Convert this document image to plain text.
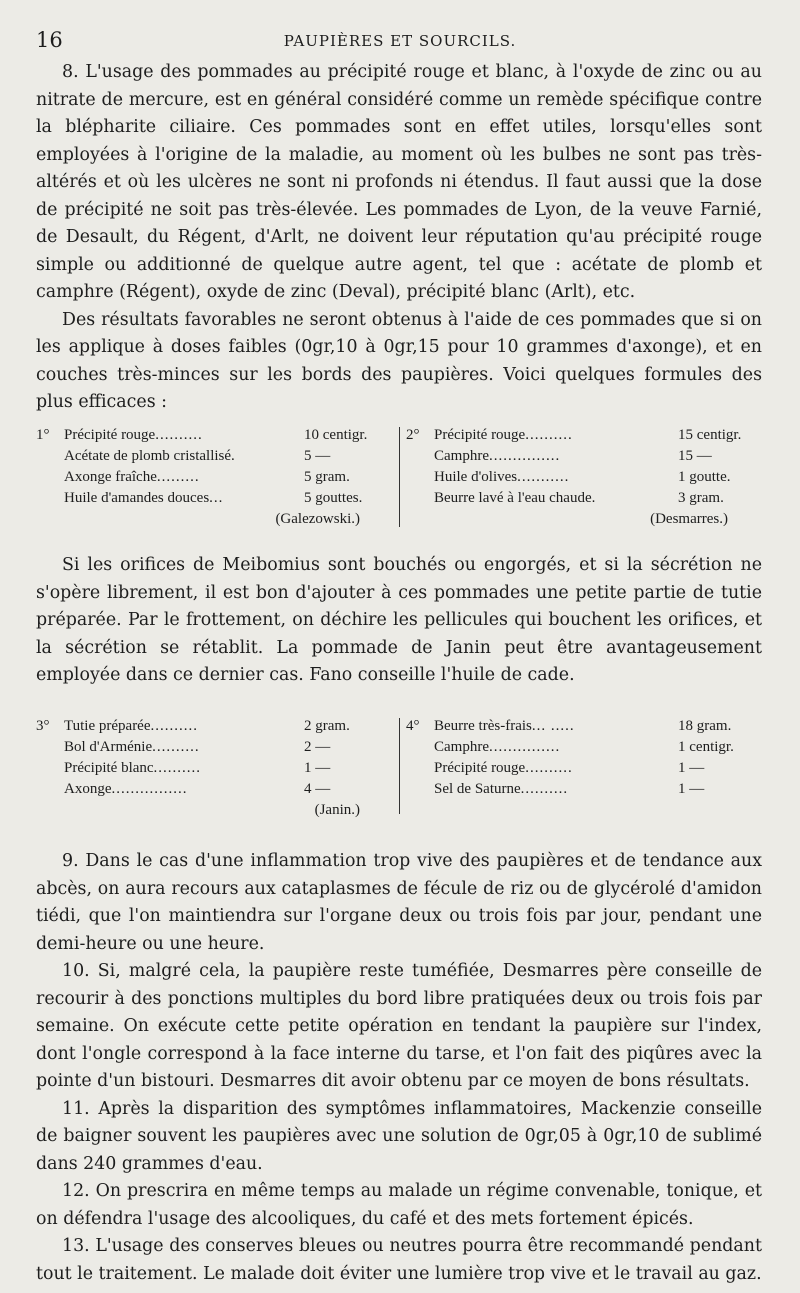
16	PAUPIÈRES ET SOURCILS.

8. L'usage des pommades au précipité rouge et blanc, à l'oxyde de zinc ou au nitrate de mercure, est en général considéré comme un remède spécifique contre la blépharite ciliaire. Ces pommades sont en effet utiles, lorsqu'elles sont employées à l'origine de la maladie, au moment où les bulbes ne sont pas très-altérés et où les ulcères ne sont ni profonds ni étendus. Il faut aussi que la dose de précipité ne soit pas très-élevée. Les pommades de Lyon, de la veuve Farnié, de Desault, du Régent, d'Arlt, ne doivent leur réputation qu'au précipité rouge simple ou additionné de quelque autre agent, tel que : acétate de plomb et camphre (Régent), oxyde de zinc (Deval), précipité blanc (Arlt), etc.

Des résultats favorables ne seront obtenus à l'aide de ces pommades que si on les applique à doses faibles (0gr,10 à 0gr,15 pour 10 grammes d'axonge), et en couches très-minces sur les bords des paupières. Voici quelques formules des plus efficaces :

1° Précipité rouge..........	10 centigr.
Acétate de plomb cristallisé.	5 —
Axonge fraîche.........	5 gram.
Huile d'amandes douces...	5 gouttes.
(Galezowski.)
2° Précipité rouge..........	15 centigr.
Camphre...............	15 —
Huile d'olives...........	1 goutte.
Beurre lavé à l'eau chaude.	3 gram.
(Desmarres.)

Si les orifices de Meibomius sont bouchés ou engorgés, et si la sécrétion ne s'opère librement, il est bon d'ajouter à ces pommades une petite partie de tutie préparée. Par le frottement, on déchire les pellicules qui bouchent les orifices, et la sécrétion se rétablit. La pommade de Janin peut être avantageusement employée dans ce dernier cas. Fano conseille l'huile de cade.

3° Tutie préparée..........	2 gram.
Bol d'Arménie..........	2 —
Précipité blanc..........	1 —
Axonge................	4 —
(Janin.)
4° Beurre très-frais... .....	18 gram.
Camphre...............	1 centigr.
Précipité rouge..........	1 —
Sel de Saturne..........	1 —

9. Dans le cas d'une inflammation trop vive des paupières et de tendance aux abcès, on aura recours aux cataplasmes de fécule de riz ou de glycérolé d'amidon tiédi, que l'on maintiendra sur l'organe deux ou trois fois par jour, pendant une demi-heure ou une heure.

10. Si, malgré cela, la paupière reste tuméfiée, Desmarres père conseille de recourir à des ponctions multiples du bord libre pratiquées deux ou trois fois par semaine. On exécute cette petite opération en tendant la paupière sur l'index, dont l'ongle correspond à la face interne du tarse, et l'on fait des piqûres avec la pointe d'un bistouri. Desmarres dit avoir obtenu par ce moyen de bons résultats.

11. Après la disparition des symptômes inflammatoires, Mackenzie conseille de baigner souvent les paupières avec une solution de 0gr,05 à 0gr,10 de sublimé dans 240 grammes d'eau.

12. On prescrira en même temps au malade un régime convenable, tonique, et on défendra l'usage des alcooliques, du café et des mets fortement épicés.

13. L'usage des conserves bleues ou neutres pourra être recommandé pendant tout le traitement. Le malade doit éviter une lumière trop vive et le travail au gaz.
